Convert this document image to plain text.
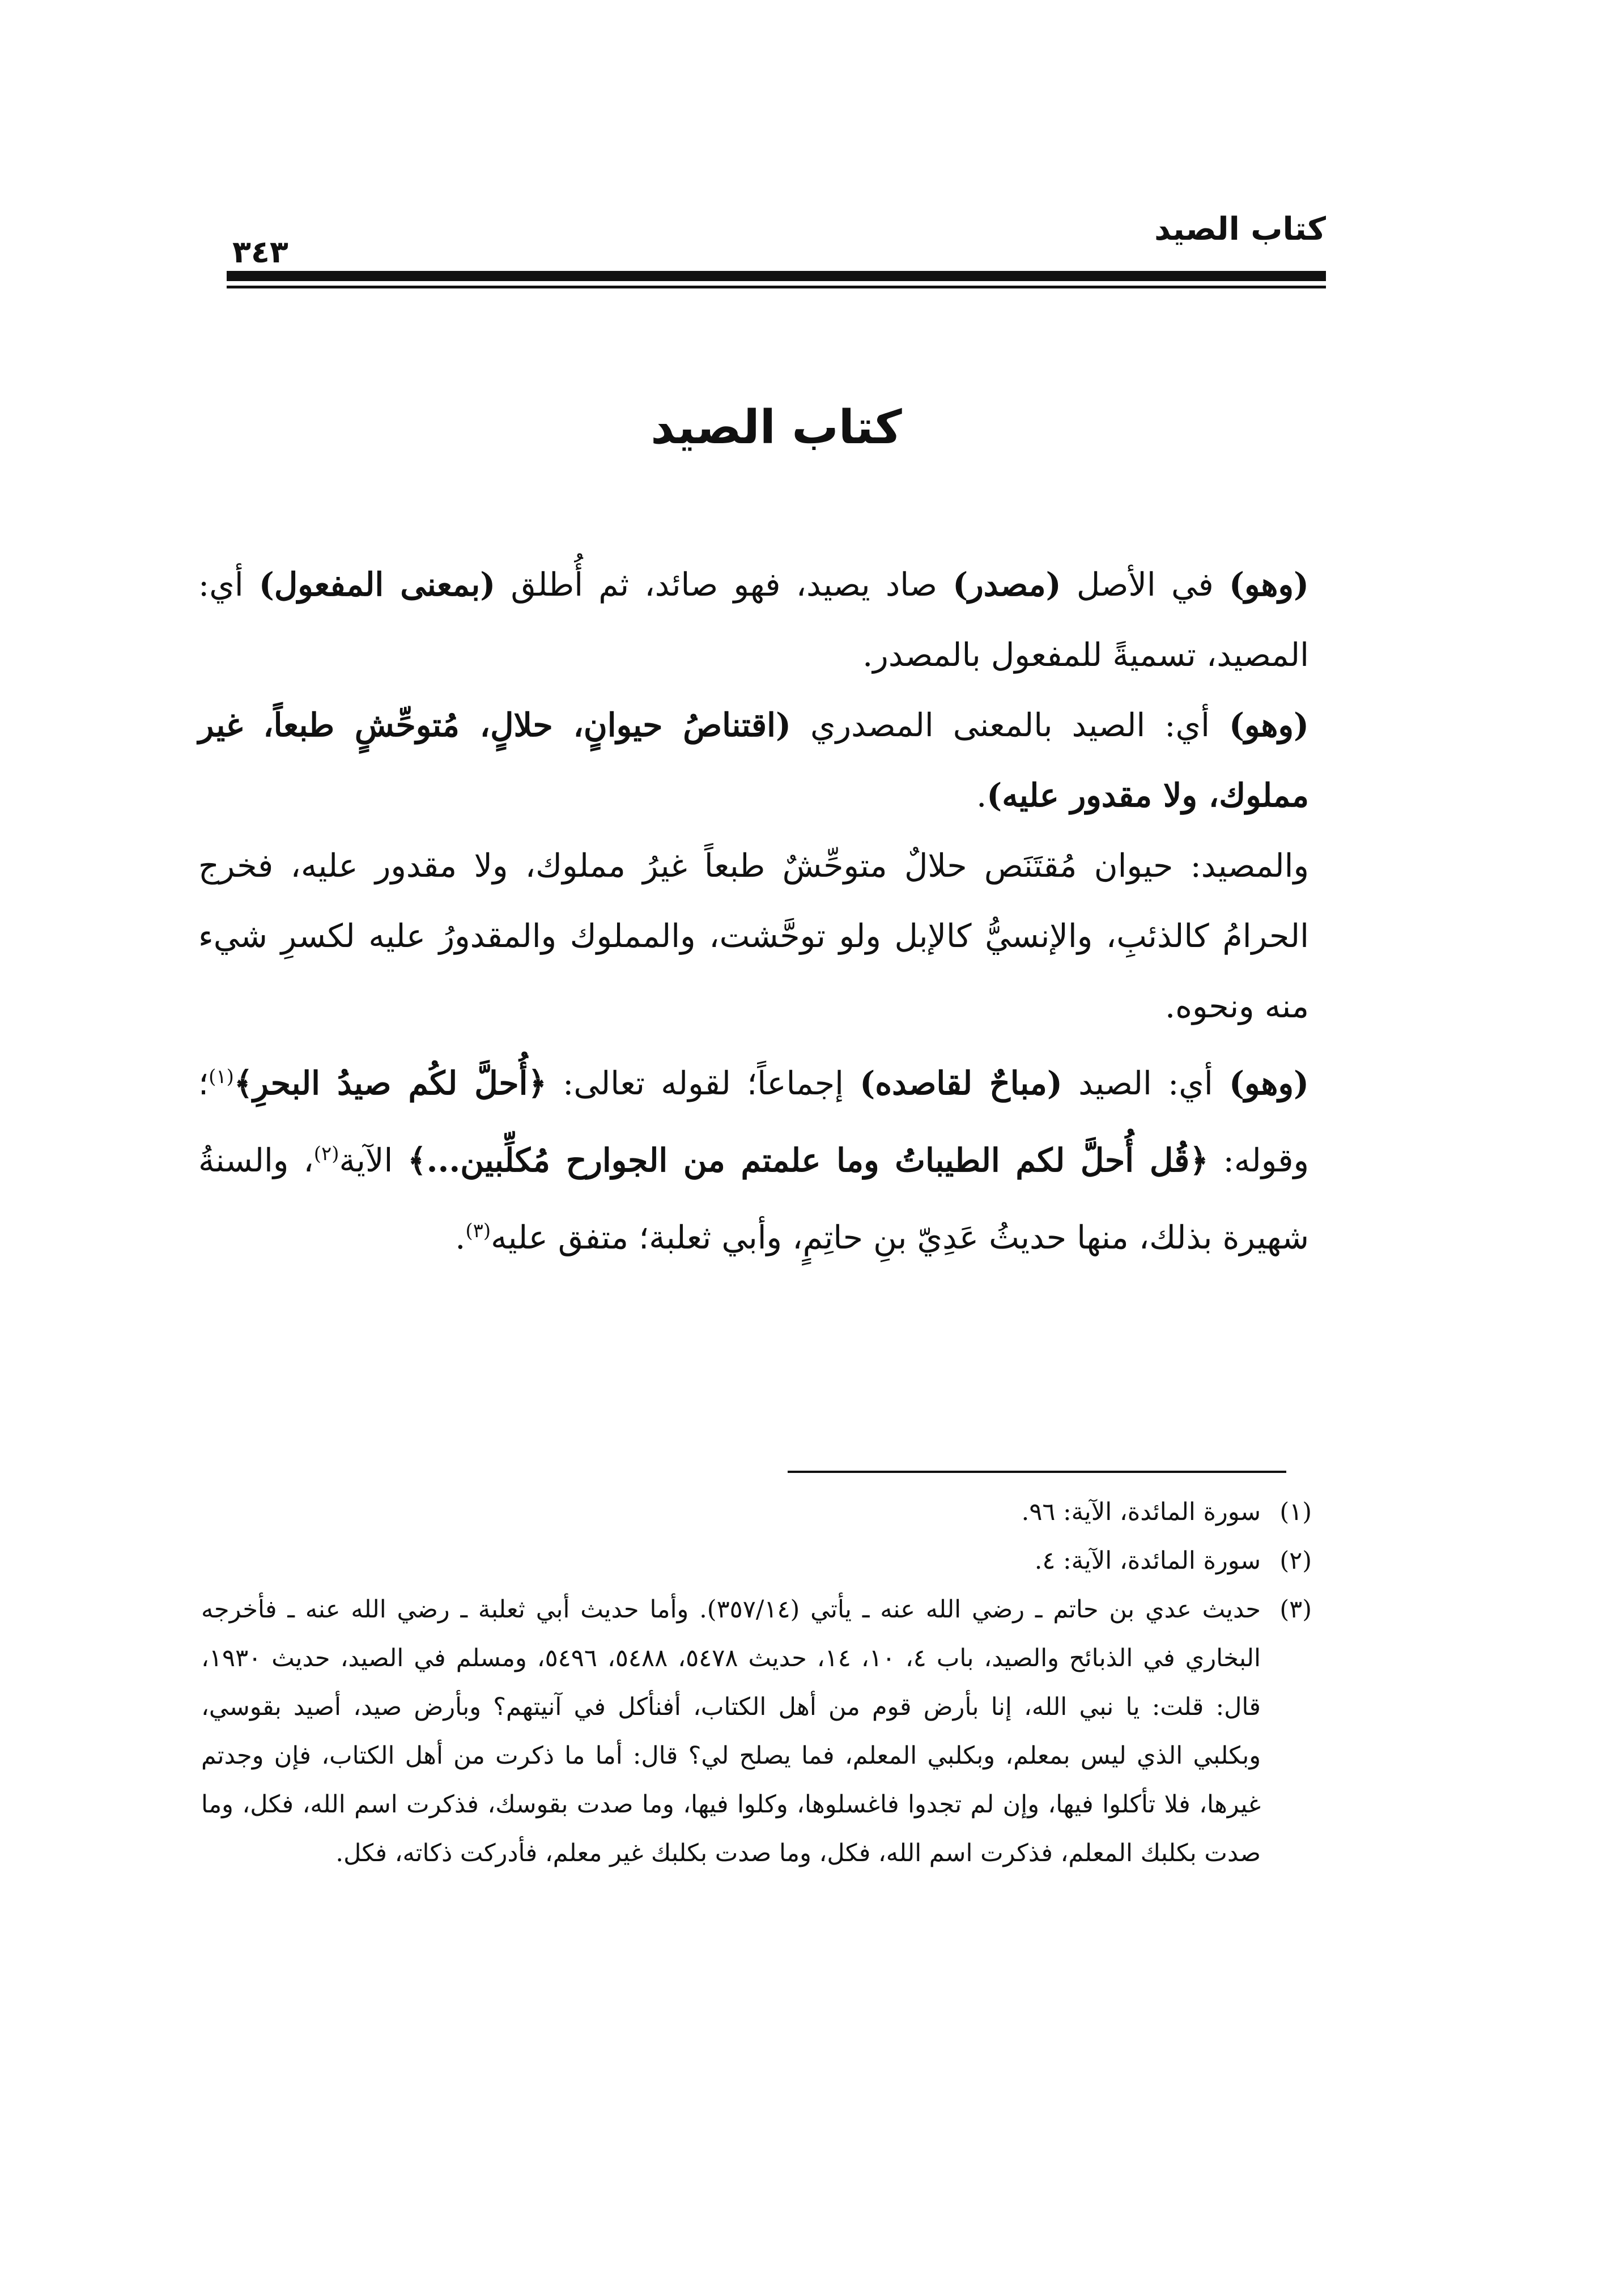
كتاب الصيد
٣٤٣
كتاب الصيد

(وهو) في الأصل (مصدر) صاد يصيد، فهو صائد، ثم أُطلق (بمعنى المفعول) أي: المصيد، تسميةً للمفعول بالمصدر.

(وهو) أي: الصيد بالمعنى المصدري (اقتناصُ حيوانٍ، حلالٍ، مُتوحِّشٍ طبعاً، غير مملوك، ولا مقدور عليه).

والمصيد: حيوان مُقتَنَص حلالٌ متوحِّشٌ طبعاً غيرُ مملوك، ولا مقدور عليه، فخرج الحرامُ كالذئبِ، والإنسيُّ كالإبل ولو توحَّشت، والمملوك والمقدورُ عليه لكسرِ شيء منه ونحوه.

(وهو) أي: الصيد (مباحٌ لقاصده) إجماعاً؛ لقوله تعالى: ﴿أُحلَّ لكُم صيدُ البحرِ﴾$^{(١)}$؛ وقوله: ﴿قُل أُحلَّ لكم الطيباتُ وما علمتم من الجوارح مُكلِّبين...﴾ الآية$^{(٢)}$، والسنةُ شهيرة بذلك، منها حديثُ عَدِيّ بنِ حاتِمٍ، وأبي ثعلبة؛ متفق عليه$^{(٣)}$.

(١)
سورة المائدة، الآية: ٩٦.
(٢)
سورة المائدة، الآية: ٤.
(٣)
حديث عدي بن حاتم ـ رضي الله عنه ـ يأتي (٣٥٧/١٤). وأما حديث أبي ثعلبة ـ رضي الله عنه ـ فأخرجه البخاري في الذبائح والصيد، باب ٤، ١٠، ١٤، حديث ٥٤٧٨، ٥٤٨٨، ٥٤٩٦، ومسلم في الصيد، حديث ١٩٣٠، قال: قلت: يا نبي الله، إنا بأرض قوم من أهل الكتاب، أفنأكل في آنيتهم؟ وبأرض صيد، أصيد بقوسي، وبكلبي الذي ليس بمعلم، وبكلبي المعلم، فما يصلح لي؟ قال: أما ما ذكرت من أهل الكتاب، فإن وجدتم غيرها، فلا تأكلوا فيها، وإن لم تجدوا فاغسلوها، وكلوا فيها، وما صدت بقوسك، فذكرت اسم الله، فكل، وما صدت بكلبك المعلم، فذكرت اسم الله، فكل، وما صدت بكلبك غير معلم، فأدركت ذكاته، فكل.
